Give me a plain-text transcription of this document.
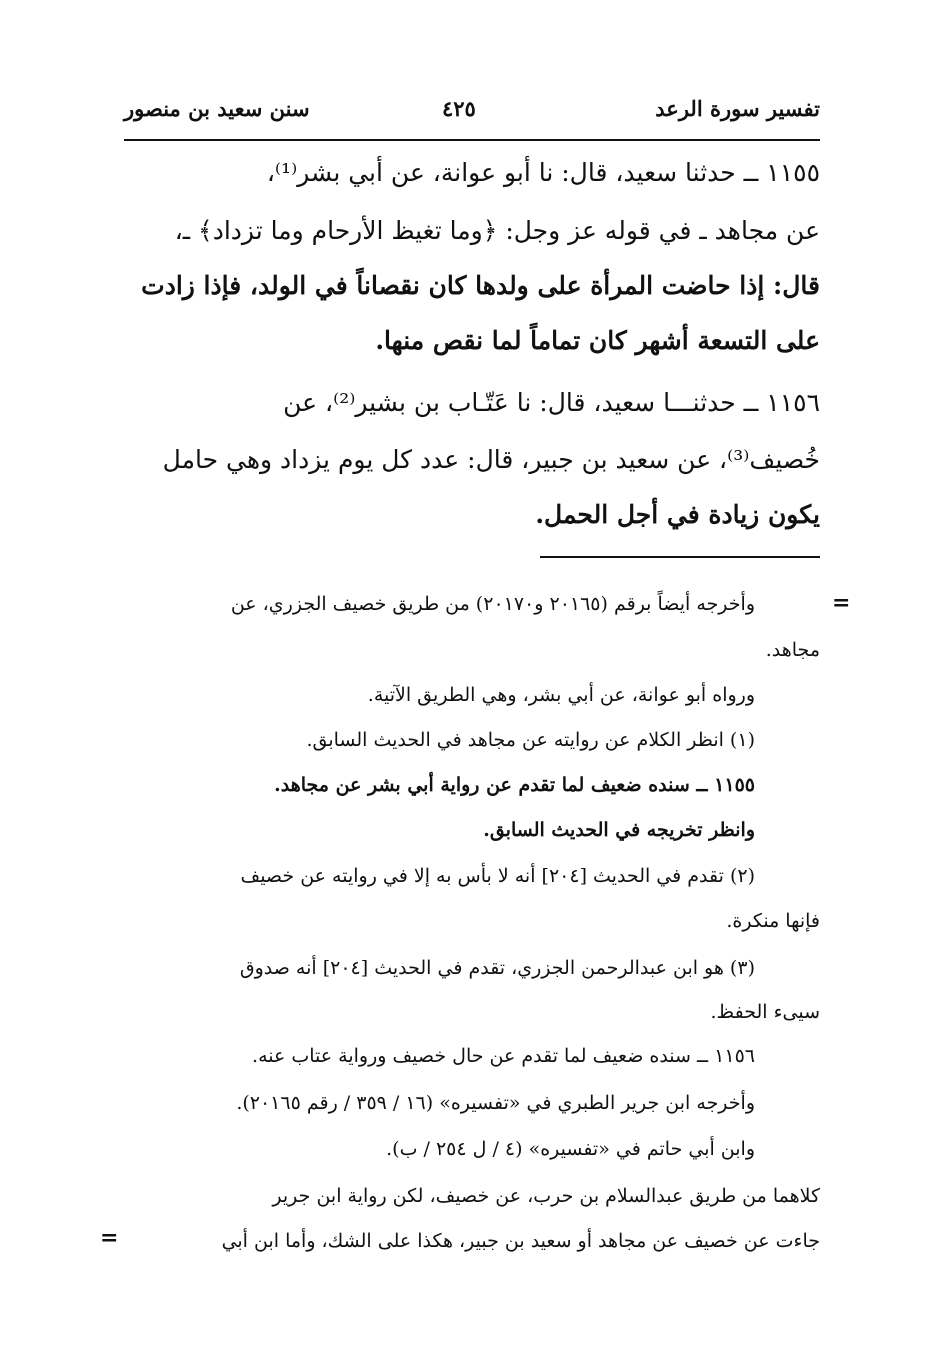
تفسير سورة الرعد
٤٢٥
سنن سعيد بن منصور
١١٥٥ ــ حدثنا سعيد، قال: نا أبو عوانة، عن أبي بشر⁽¹⁾،
عن مجاهد ـ في قوله عز وجل: ﴿وما تغيظ الأرحام وما تزداد﴾ ـ،
قال: إذا حاضت المرأة على ولدها كان نقصاناً في الولد، فإذا زادت
على التسعة أشهر كان تماماً لما نقص منها.
١١٥٦ ــ حدثنـــا سعيد، قال: نا عَتّـاب بن بشير⁽²⁾، عن
خُصيف⁽³⁾، عن سعيد بن جبير، قال: عدد كل يوم يزداد وهي حامل
يكون زيادة في أجل الحمل.
=
وأخرجه أيضاً برقم (٢٠١٦٥ و٢٠١٧٠) من طريق خصيف الجزري، عن
مجاهد.
ورواه أبو عوانة، عن أبي بشر، وهي الطريق الآتية.
(١) انظر الكلام عن روايته عن مجاهد في الحديث السابق.
١١٥٥ ــ سنده ضعيف لما تقدم عن رواية أبي بشر عن مجاهد.
وانظر تخريجه في الحديث السابق.
(٢) تقدم في الحديث [٢٠٤] أنه لا بأس به إلا في روايته عن خصيف
فإنها منكرة.
(٣) هو ابن عبدالرحمن الجزري، تقدم في الحديث [٢٠٤] أنه صدوق
سيىء الحفظ.
١١٥٦ ــ سنده ضعيف لما تقدم عن حال خصيف ورواية عتاب عنه.
وأخرجه ابن جرير الطبري في «تفسيره» (١٦ / ٣٥٩ / رقم ٢٠١٦٥).
وابن أبي حاتم في «تفسيره» (٤ / ل ٢٥٤ / ب).
كلاهما من طريق عبدالسلام بن حرب، عن خصيف، لكن رواية ابن جرير
جاءت عن خصيف عن مجاهد أو سعيد بن جبير، هكذا على الشك، وأما ابن أبي
=
